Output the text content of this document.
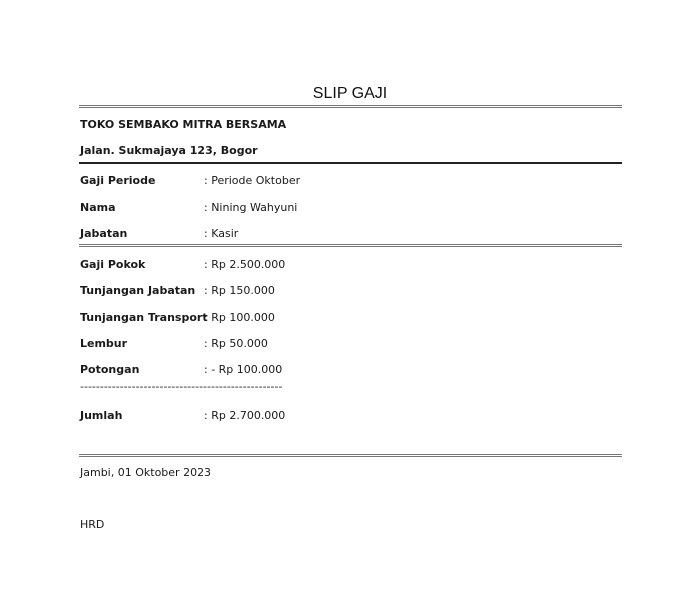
SLIP GAJI
TOKO SEMBAKO MITRA BERSAMA
Jalan. Sukmajaya 123, Bogor
Gaji Periode	: Periode Oktober
Nama	: Nining Wahyuni
Jabatan	: Kasir
Gaji Pokok	: Rp 2.500.000
Tunjangan Jabatan : Rp 150.000
Tunjangan Transport
: Rp 100.000
Lembur	: Rp 50.000
Potongan	: - Rp 100.000
---------------------------------------------------
Jumlah	: Rp 2.700.000
Jambi, 01 Oktober 2023
HRD
